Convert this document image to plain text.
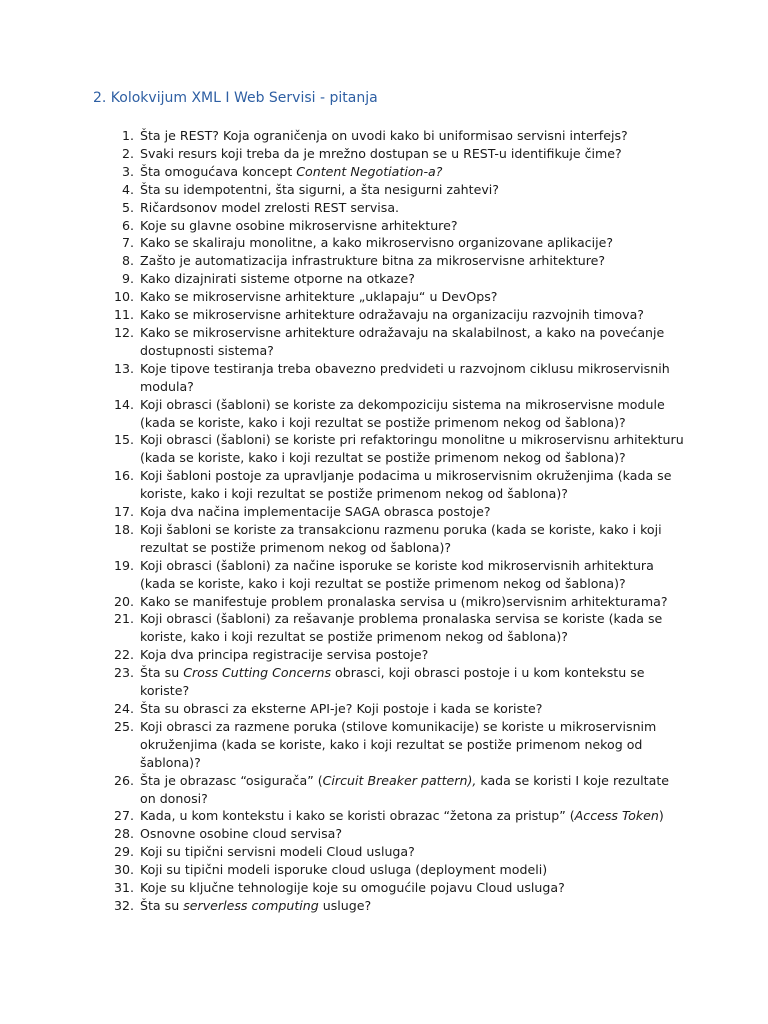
2. Kolokvijum XML I Web Servisi - pitanja
1. Šta je REST? Koja ograničenja on uvodi kako bi uniformisao servisni interfejs?
2. Svaki resurs koji treba da je mrežno dostupan se u REST-u identifikuje čime?
3. Šta omogućava koncept Content Negotiation-a?
4. Šta su idempotentni, šta sigurni, a šta nesigurni zahtevi?
5. Ričardsonov model zrelosti REST servisa.
6. Koje su glavne osobine mikroservisne arhitekture?
7. Kako se skaliraju monolitne, a kako mikroservisno organizovane aplikacije?
8. Zašto je automatizacija infrastrukture bitna za mikroservisne arhitekture?
9. Kako dizajnirati sisteme otporne na otkaze?
10. Kako se mikroservisne arhitekture „uklapaju“ u DevOps?
11. Kako se mikroservisne arhitekture odražavaju na organizaciju razvojnih timova?
12. Kako se mikroservisne arhitekture odražavaju na skalabilnost, a kako na povećanje dostupnosti sistema?
13. Koje tipove testiranja treba obavezno predvideti u razvojnom ciklusu mikroservisnih modula?
14. Koji obrasci (šabloni) se koriste za dekompoziciju sistema na mikroservisne module (kada se koriste, kako i koji rezultat se postiže primenom nekog od šablona)?
15. Koji obrasci (šabloni) se koriste pri refaktoringu monolitne u mikroservisnu arhitekturu (kada se koriste, kako i koji rezultat se postiže primenom nekog od šablona)?
16. Koji šabloni postoje za upravljanje podacima u mikroservisnim okruženjima (kada se koriste, kako i koji rezultat se postiže primenom nekog od šablona)?
17. Koja dva načina implementacije SAGA obrasca postoje?
18. Koji šabloni se koriste za transakcionu razmenu poruka (kada se koriste, kako i koji rezultat se postiže primenom nekog od šablona)?
19. Koji obrasci (šabloni) za načine isporuke se koriste kod mikroservisnih arhitektura (kada se koriste, kako i koji rezultat se postiže primenom nekog od šablona)?
20. Kako se manifestuje problem pronalaska servisa u (mikro)servisnim arhitekturama?
21. Koji obrasci (šabloni) za rešavanje problema pronalaska servisa se koriste (kada se koriste, kako i koji rezultat se postiže primenom nekog od šablona)?
22. Koja dva principa registracije servisa postoje?
23. Šta su Cross Cutting Concerns obrasci, koji obrasci postoje i u kom kontekstu se koriste?
24. Šta su obrasci za eksterne API-je? Koji postoje i kada se koriste?
25. Koji obrasci za razmene poruka (stilove komunikacije) se koriste u mikroservisnim okruženjima (kada se koriste, kako i koji rezultat se postiže primenom nekog od šablona)?
26. Šta je obrazasc “osigurača” (Circuit Breaker pattern), kada se koristi I koje rezultate on donosi?
27. Kada, u kom kontekstu i kako se koristi obrazac “žetona za pristup” (Access Token)
28. Osnovne osobine cloud servisa?
29. Koji su tipični servisni modeli Cloud usluga?
30. Koji su tipični modeli isporuke cloud usluga (deployment modeli)
31. Koje su ključne tehnologije koje su omogućile pojavu Cloud usluga?
32. Šta su serverless computing usluge?
